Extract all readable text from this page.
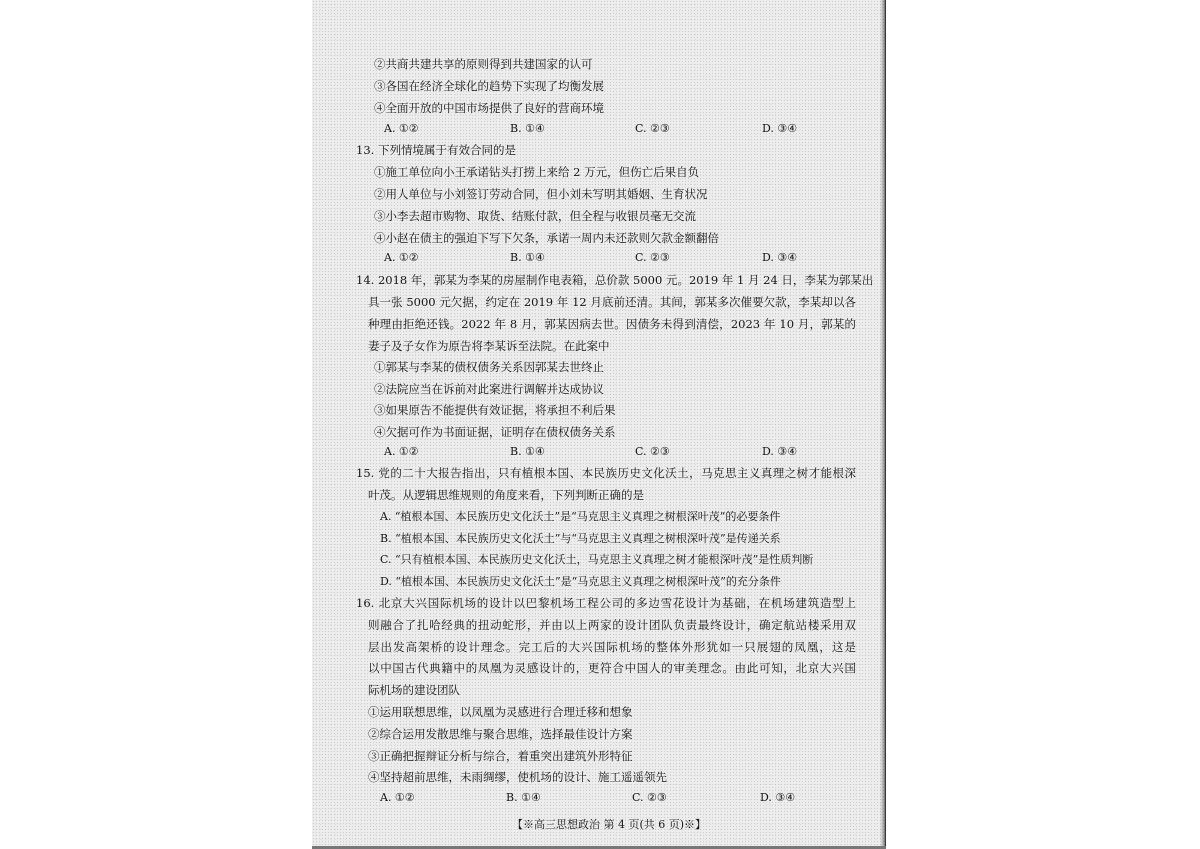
②共商共建共享的原则得到共建国家的认可
③各国在经济全球化的趋势下实现了均衡发展
④全面开放的中国市场提供了良好的营商环境
A. ①②	B. ①④	C. ②③	D. ③④
13. 下列情境属于有效合同的是
①施工单位向小王承诺钻头打捞上来给 2 万元，但伤亡后果自负
②用人单位与小刘签订劳动合同，但小刘未写明其婚姻、生育状况
③小李去超市购物、取货、结账付款，但全程与收银员毫无交流
④小赵在债主的强迫下写下欠条，承诺一周内未还款则欠款金额翻倍
A. ①②	B. ①④	C. ②③	D. ③④
14. 2018 年，郭某为李某的房屋制作电表箱，总价款 5000 元。2019 年 1 月 24 日，李某为郭某出
具一张 5000 元欠据，约定在 2019 年 12 月底前还清。其间，郭某多次催要欠款，李某却以各
种理由拒绝还钱。2022 年 8 月，郭某因病去世。因债务未得到清偿，2023 年 10 月，郭某的
妻子及子女作为原告将李某诉至法院。在此案中
①郭某与李某的债权债务关系因郭某去世终止
②法院应当在诉前对此案进行调解并达成协议
③如果原告不能提供有效证据，将承担不利后果
④欠据可作为书面证据，证明存在债权债务关系
A. ①②	B. ①④	C. ②③	D. ③④
15. 党的二十大报告指出，只有植根本国、本民族历史文化沃土，马克思主义真理之树才能根深
叶茂。从逻辑思维规则的角度来看，下列判断正确的是
A. “植根本国、本民族历史文化沃土”是“马克思主义真理之树根深叶茂”的必要条件
B. “植根本国、本民族历史文化沃土”与“马克思主义真理之树根深叶茂”是传递关系
C. “只有植根本国、本民族历史文化沃土，马克思主义真理之树才能根深叶茂”是性质判断
D. “植根本国、本民族历史文化沃土”是“马克思主义真理之树根深叶茂”的充分条件
16. 北京大兴国际机场的设计以巴黎机场工程公司的多边雪花设计为基础，在机场建筑造型上
则融合了扎哈经典的扭动蛇形，并由以上两家的设计团队负责最终设计，确定航站楼采用双
层出发高架桥的设计理念。完工后的大兴国际机场的整体外形犹如一只展翅的凤凰，这是
以中国古代典籍中的凤凰为灵感设计的，更符合中国人的审美理念。由此可知，北京大兴国
际机场的建设团队
①运用联想思维，以凤凰为灵感进行合理迁移和想象
②综合运用发散思维与聚合思维，选择最佳设计方案
③正确把握辩证分析与综合，着重突出建筑外形特征
④坚持超前思维，未雨绸缪，使机场的设计、施工遥遥领先
A. ①②	B. ①④	C. ②③	D. ③④
【※高三思想政治 第 4 页(共 6 页)※】
